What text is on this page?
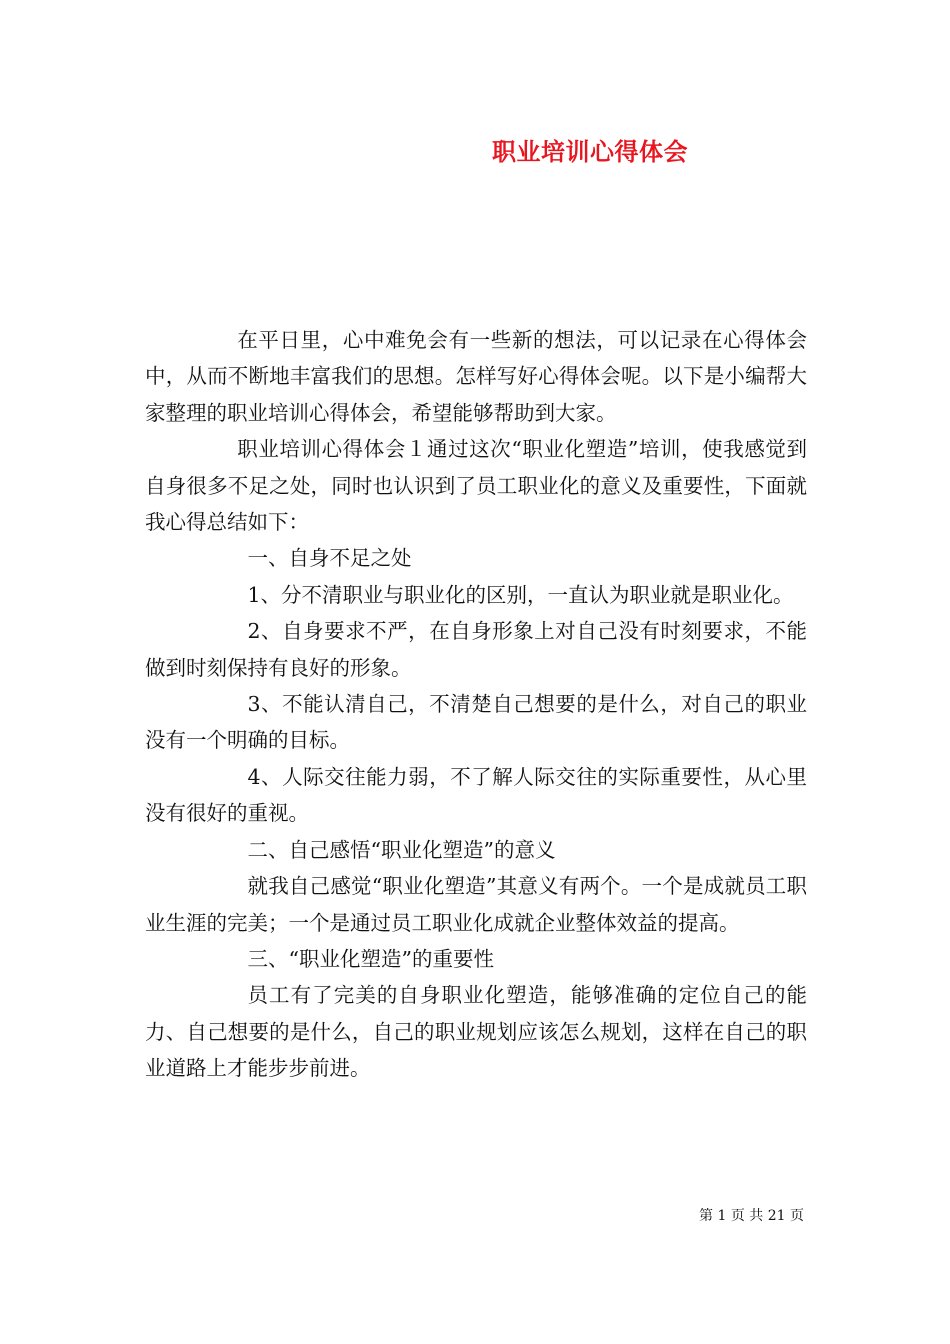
职业培训心得体会

在平日里，心中难免会有一些新的想法，可以记录在心得体会中，从而不断地丰富我们的思想。怎样写好心得体会呢。以下是小编帮大家整理的职业培训心得体会，希望能够帮助到大家。

职业培训心得体会１通过这次“职业化塑造”培训，使我感觉到自身很多不足之处，同时也认识到了员工职业化的意义及重要性，下面就我心得总结如下：

一、自身不足之处

1、分不清职业与职业化的区别，一直认为职业就是职业化。

2、自身要求不严，在自身形象上对自己没有时刻要求，不能做到时刻保持有良好的形象。

3、不能认清自己，不清楚自己想要的是什么，对自己的职业没有一个明确的目标。

4、人际交往能力弱，不了解人际交往的实际重要性，从心里没有很好的重视。

二、自己感悟“职业化塑造”的意义

就我自己感觉“职业化塑造”其意义有两个。一个是成就员工职业生涯的完美；一个是通过员工职业化成就企业整体效益的提高。

三、“职业化塑造”的重要性

员工有了完美的自身职业化塑造，能够准确的定位自己的能力、自己想要的是什么，自己的职业规划应该怎么规划，这样在自己的职业道路上才能步步前进。

第 1 页 共 21 页
